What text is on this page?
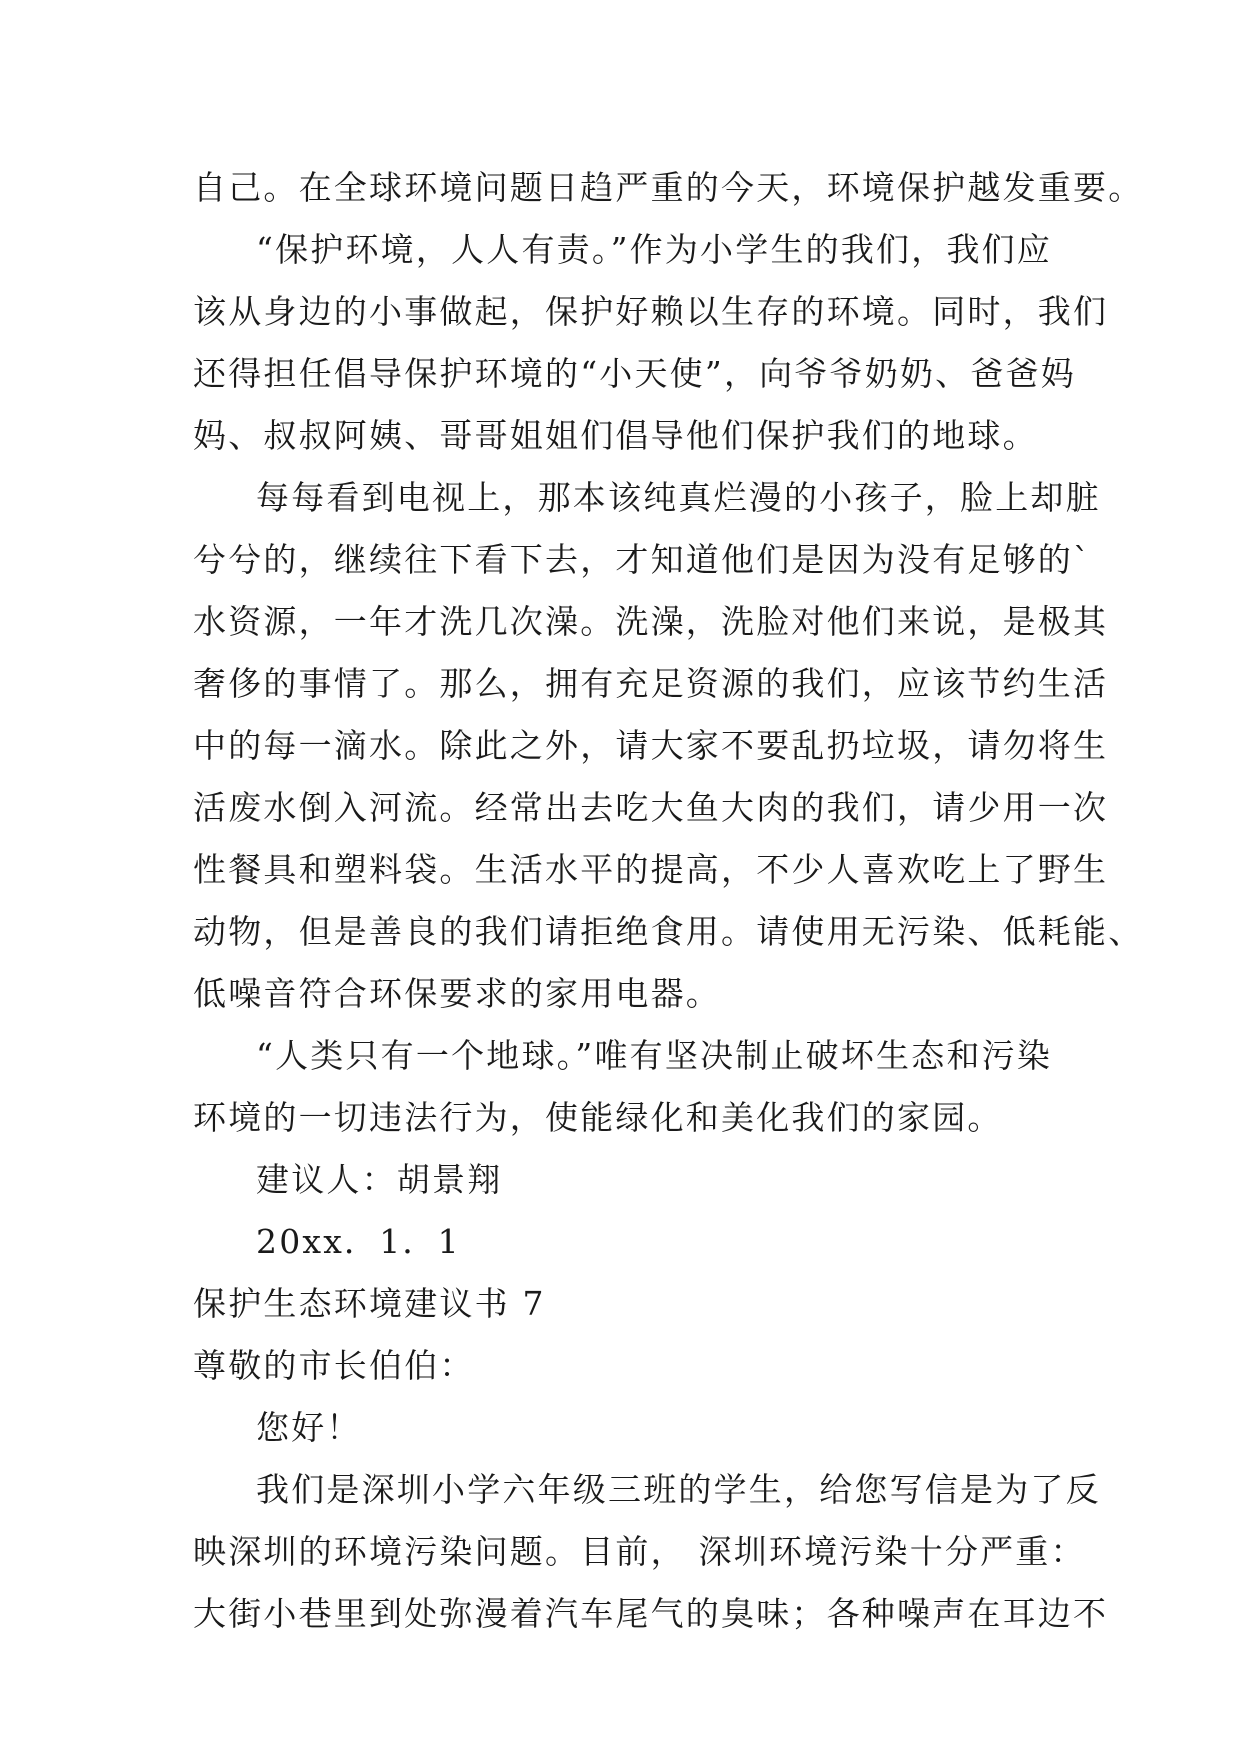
自己。在全球环境问题日趋严重的今天，环境保护越发重要。
“保护环境，人人有责。”作为小学生的我们，我们应
该从身边的小事做起，保护好赖以生存的环境。同时，我们
还得担任倡导保护环境的“小天使”，向爷爷奶奶、爸爸妈
妈、叔叔阿姨、哥哥姐姐们倡导他们保护我们的地球。
每每看到电视上，那本该纯真烂漫的小孩子，脸上却脏
兮兮的，继续往下看下去，才知道他们是因为没有足够的`
水资源，一年才洗几次澡。洗澡，洗脸对他们来说，是极其
奢侈的事情了。那么，拥有充足资源的我们，应该节约生活
中的每一滴水。除此之外，请大家不要乱扔垃圾，请勿将生
活废水倒入河流。经常出去吃大鱼大肉的我们，请少用一次
性餐具和塑料袋。生活水平的提高，不少人喜欢吃上了野生
动物，但是善良的我们请拒绝食用。请使用无污染、低耗能、
低噪音符合环保要求的家用电器。
“人类只有一个地球。”唯有坚决制止破坏生态和污染
环境的一切违法行为，使能绿化和美化我们的家园。
建议人：胡景翔
20xx．1．1
保护生态环境建议书 7
尊敬的市长伯伯：
您好！
我们是深圳小学六年级三班的学生，给您写信是为了反
映深圳的环境污染问题。目前， 深圳环境污染十分严重：
大街小巷里到处弥漫着汽车尾气的臭味；各种噪声在耳边不
